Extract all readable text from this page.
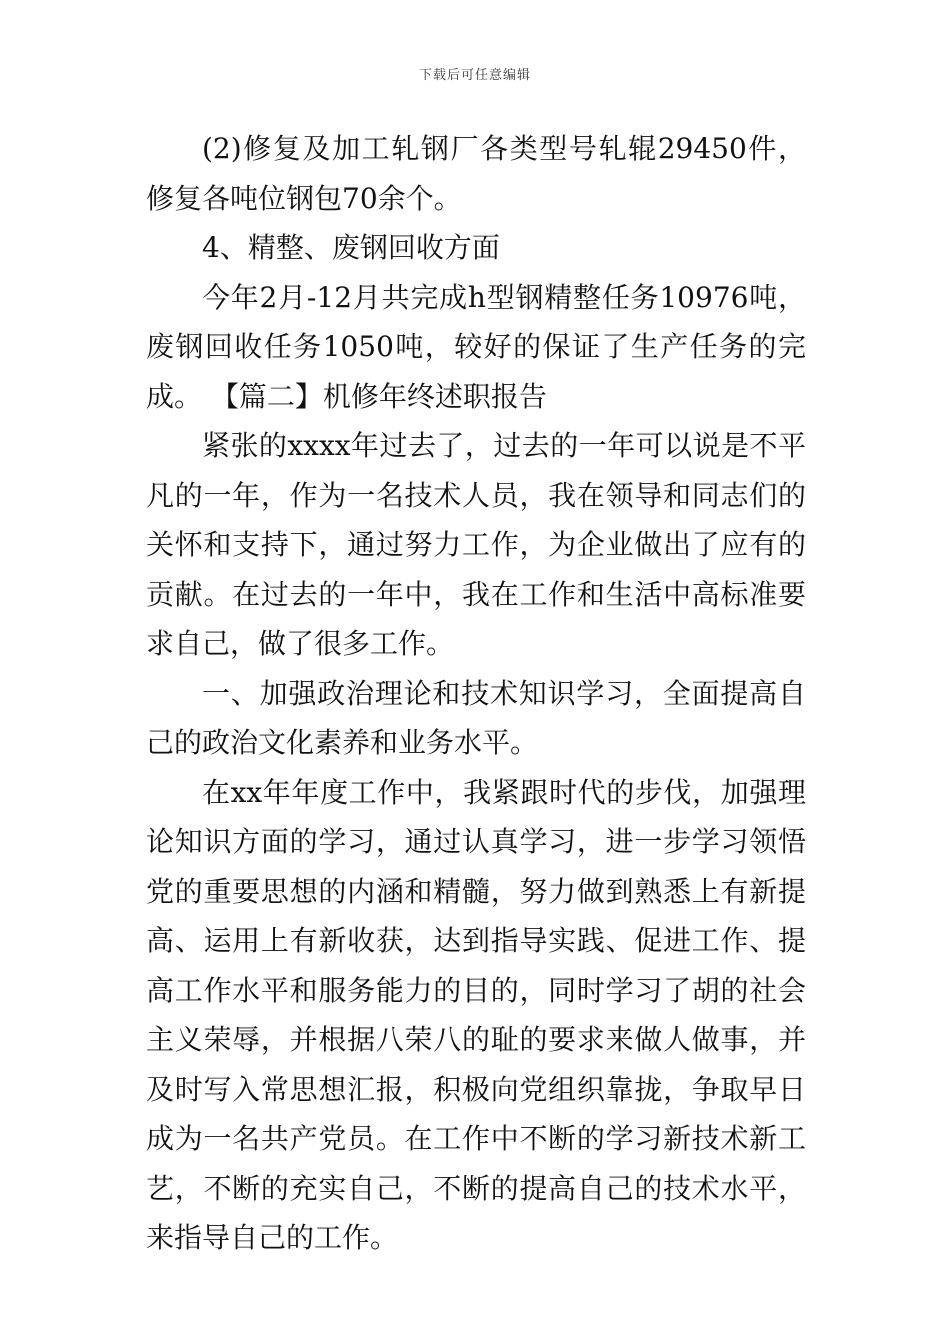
下载后可任意编辑

(2)修复及加工轧钢厂各类型号轧辊29450件，修复各吨位钢包70余个。

4、精整、废钢回收方面

今年2月-12月共完成h型钢精整任务10976吨，废钢回收任务1050吨，较好的保证了生产任务的完成。 【篇二】机修年终述职报告

紧张的xxxx年过去了，过去的一年可以说是不平凡的一年，作为一名技术人员，我在领导和同志们的关怀和支持下，通过努力工作，为企业做出了应有的贡献。在过去的一年中，我在工作和生活中高标准要求自己，做了很多工作。

一、加强政治理论和技术知识学习，全面提高自己的政治文化素养和业务水平。

在xx年年度工作中，我紧跟时代的步伐，加强理论知识方面的学习，通过认真学习，进一步学习领悟党的重要思想的内涵和精髓，努力做到熟悉上有新提高、运用上有新收获，达到指导实践、促进工作、提高工作水平和服务能力的目的，同时学习了胡的社会主义荣辱，并根据八荣八的耻的要求来做人做事，并及时写入常思想汇报，积极向党组织靠拢，争取早日成为一名共产党员。在工作中不断的学习新技术新工艺，不断的充实自己，不断的提高自己的技术水平，来指导自己的工作。
